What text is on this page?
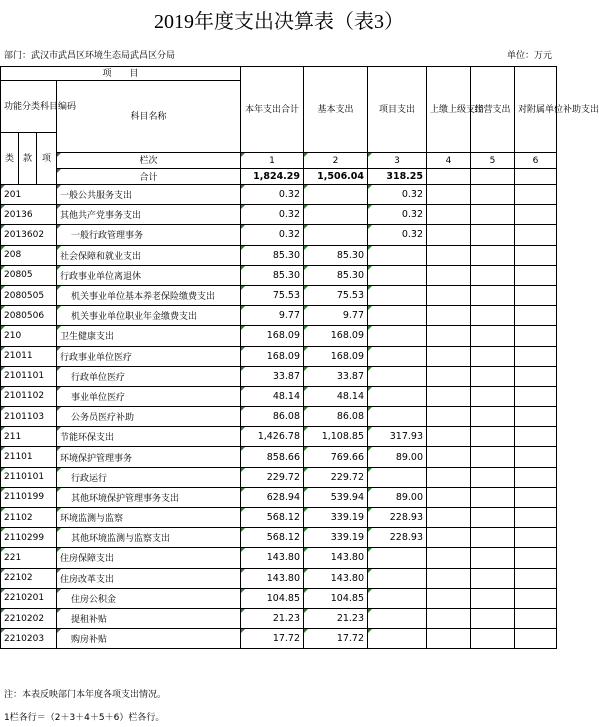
2019年度支出决算表（表3）
部门：武汉市武昌区环境生态局武昌区分局	单位：万元
项　　目				本年支出合计	基本支出	项目支出	上缴上级支出	经营支出	对附属单位补助支出
功能分类科目编码			科目名称						
类	款	项							
			栏次	1	2	3	4	5	6
			合计	1,824.29	1,506.04	318.25			
201			一般公共服务支出	0.32		0.32			
20136			其他共产党事务支出	0.32		0.32			
2013602			一般行政管理事务	0.32		0.32			
208			社会保障和就业支出	85.30	85.30				
20805			行政事业单位离退休	85.30	85.30				
2080505			机关事业单位基本养老保险缴费支出	75.53	75.53				
2080506			机关事业单位职业年金缴费支出	9.77	9.77				
210			卫生健康支出	168.09	168.09				
21011			行政事业单位医疗	168.09	168.09				
2101101			行政单位医疗	33.87	33.87				
2101102			事业单位医疗	48.14	48.14				
2101103			公务员医疗补助	86.08	86.08				
211			节能环保支出	1,426.78	1,108.85	317.93			
21101			环境保护管理事务	858.66	769.66	89.00			
2110101			行政运行	229.72	229.72				
2110199			其他环境保护管理事务支出	628.94	539.94	89.00			
21102			环境监测与监察	568.12	339.19	228.93			
2110299			其他环境监测与监察支出	568.12	339.19	228.93			
221			住房保障支出	143.80	143.80				
22102			住房改革支出	143.80	143.80				
2210201			住房公积金	104.85	104.85				
2210202			提租补贴	21.23	21.23				
2210203			购房补贴	17.72	17.72				
注：本表反映部门本年度各项支出情况。
1栏各行＝（2＋3＋4＋5＋6）栏各行。
